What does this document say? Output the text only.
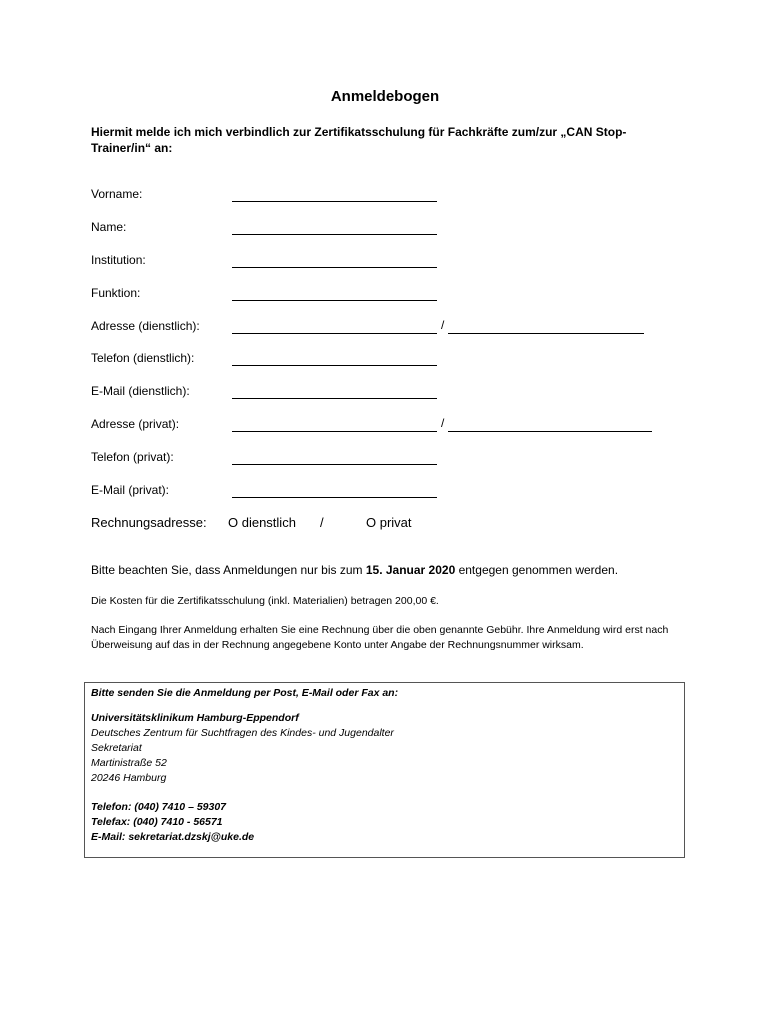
Anmeldebogen
Hiermit melde ich mich verbindlich zur Zertifikatsschulung für Fachkräfte zum/zur „CAN Stop-Trainer/in“ an:
Vorname:
Name:
Institution:
Funktion:
Adresse (dienstlich):	/
Telefon (dienstlich):
E-Mail (dienstlich):
Adresse (privat):	/
Telefon (privat):
E-Mail (privat):
Rechnungsadresse: O dienstlich /	O privat
Bitte beachten Sie, dass Anmeldungen nur bis zum 15. Januar 2020 entgegen genommen werden.
Die Kosten für die Zertifikatsschulung (inkl. Materialien) betragen 200,00 €.
Nach Eingang Ihrer Anmeldung erhalten Sie eine Rechnung über die oben genannte Gebühr. Ihre Anmeldung wird erst nach Überweisung auf das in der Rechnung angegebene Konto unter Angabe der Rechnungsnummer wirksam.
Bitte senden Sie die Anmeldung per Post, E-Mail oder Fax an:
Universitätsklinikum Hamburg-Eppendorf
Deutsches Zentrum für Suchtfragen des Kindes- und Jugendalter
Sekretariat
Martinistraße 52
20246 Hamburg
Telefon: (040) 7410 – 59307
Telefax: (040) 7410 - 56571
E-Mail: sekretariat.dzskj@uke.de
